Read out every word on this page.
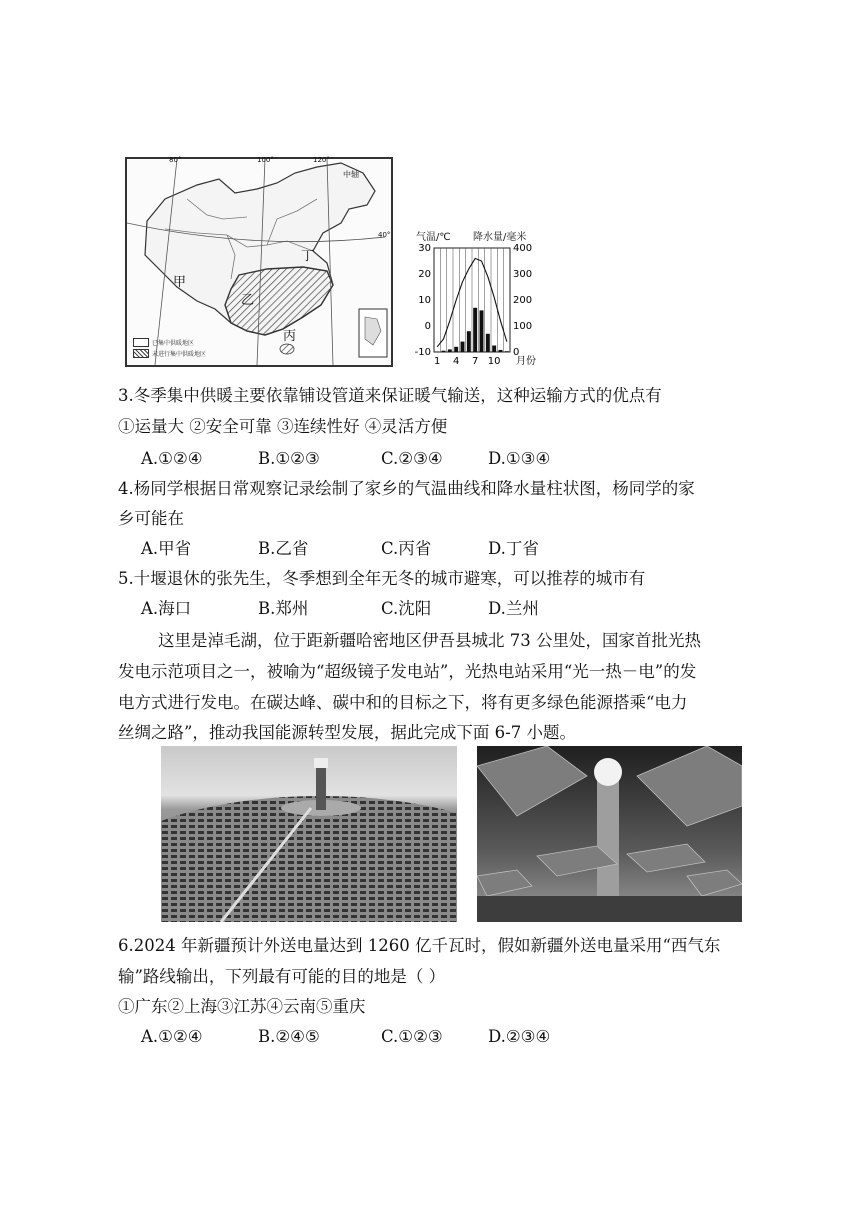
80°	100°	120°
40°
中轴
甲
乙
丙
丁
已集中供暖地区
未进行集中供暖地区
气温/℃ 降水量/毫米
30
20
10
0
-10
400
300
200
100
0
1 4 7 10 月份
3.冬季集中供暖主要依靠铺设管道来保证暖气输送，这种运输方式的优点有
①运量大 ②安全可靠 ③连续性好 ④灵活方便
A.①②④	B.①②③	C.②③④	D.①③④
4.杨同学根据日常观察记录绘制了家乡的气温曲线和降水量柱状图，杨同学的家
乡可能在
A.甲省	B.乙省	C.丙省	D.丁省
5.十堰退休的张先生，冬季想到全年无冬的城市避寒，可以推荐的城市有
A.海口	B.郑州	C.沈阳	D.兰州
这里是淖毛湖，位于距新疆哈密地区伊吾县城北 73 公里处，国家首批光热
发电示范项目之一，被喻为“超级镜子发电站”，光热电站采用“光一热－电”的发
电方式进行发电。在碳达峰、碳中和的目标之下，将有更多绿色能源搭乘“电力
丝绸之路”，推动我国能源转型发展，据此完成下面 6-7 小题。
6.2024 年新疆预计外送电量达到 1260 亿千瓦时，假如新疆外送电量采用“西气东
输”路线输出，下列最有可能的目的地是（ ）
①广东②上海③江苏④云南⑤重庆
A.①②④	B.②④⑤	C.①②③	D.②③④
